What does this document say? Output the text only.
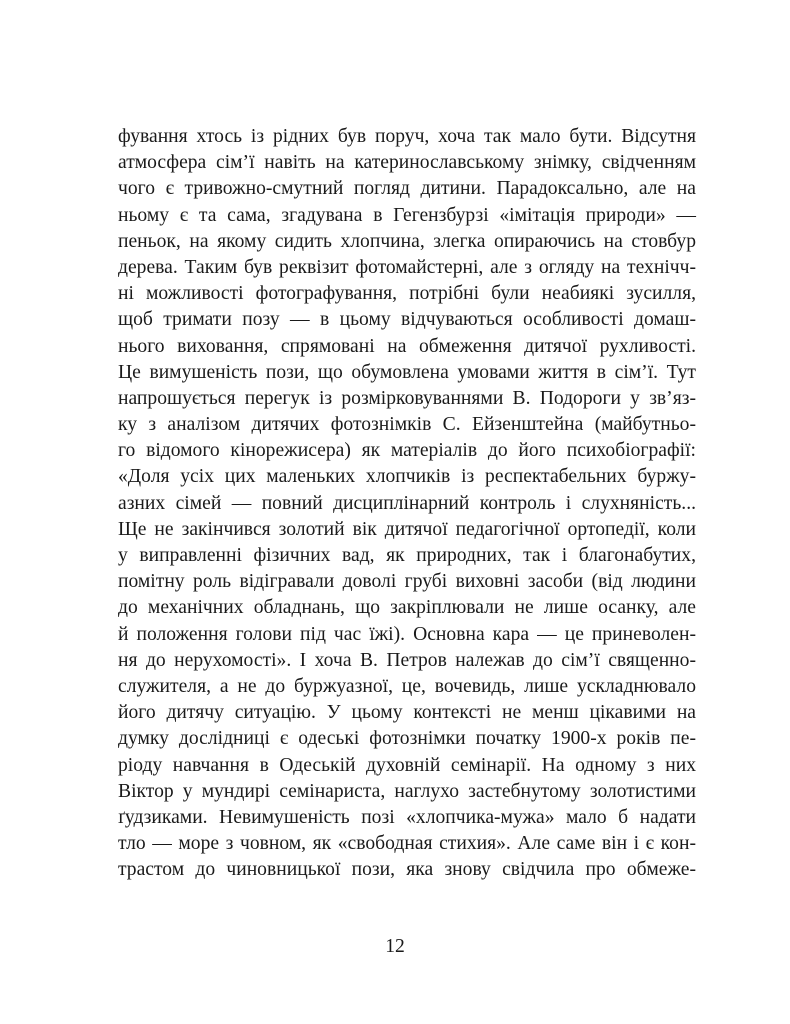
фування хтось із рідних був поруч, хоча так мало бути. Відсутня
атмосфера сім’ї навіть на катеринославському знімку, свідченням
чого є тривожно-смутний погляд дитини. Парадоксально, але на
ньому є та сама, згадувана в Гегензбурзі «імітація природи» —
пеньок, на якому сидить хлопчина, злегка опираючись на стовбур
дерева. Таким був реквізит фотомайстерні, але з огляду на технічч-
ні можливості фотографування, потрібні були неабиякі зусилля,
щоб тримати позу — в цьому відчуваються особливості домаш-
нього виховання, спрямовані на обмеження дитячої рухливості.
Це вимушеність пози, що обумовлена умовами життя в сім’ї. Тут
напрошується перегук із розмірковуваннями В. Подороги у зв’яз-
ку з аналізом дитячих фотознімків С. Ейзенштейна (майбутньо-
го відомого кінорежисера) як матеріалів до його психобіографії:
«Доля усіх цих маленьких хлопчиків із респектабельних буржу-
азних сімей — повний дисциплінарний контроль і слухняність...
Ще не закінчився золотий вік дитячої педагогічної ортопедії, коли
у виправленні фізичних вад, як природних, так і благонабутих,
помітну роль відігравали доволі грубі виховні засоби (від людини
до механічних обладнань, що закріплювали не лише осанку, але
й положення голови під час їжі). Основна кара — це приневолен-
ня до нерухомості». І хоча В. Петров належав до сім’ї священно-
служителя, а не до буржуазної, це, вочевидь, лише ускладнювало
його дитячу ситуацію. У цьому контексті не менш цікавими на
думку дослідниці є одеські фотознімки початку 1900-х років пе-
ріоду навчання в Одеській духовній семінарії. На одному з них
Віктор у мундирі семінариста, наглухо застебнутому золотистими
ґудзиками. Невимушеність позі «хлопчика-мужа» мало б надати
тло — море з човном, як «свободная стихия». Але саме він і є кон-
трастом до чиновницької пози, яка знову свідчила про обмеже-
12
